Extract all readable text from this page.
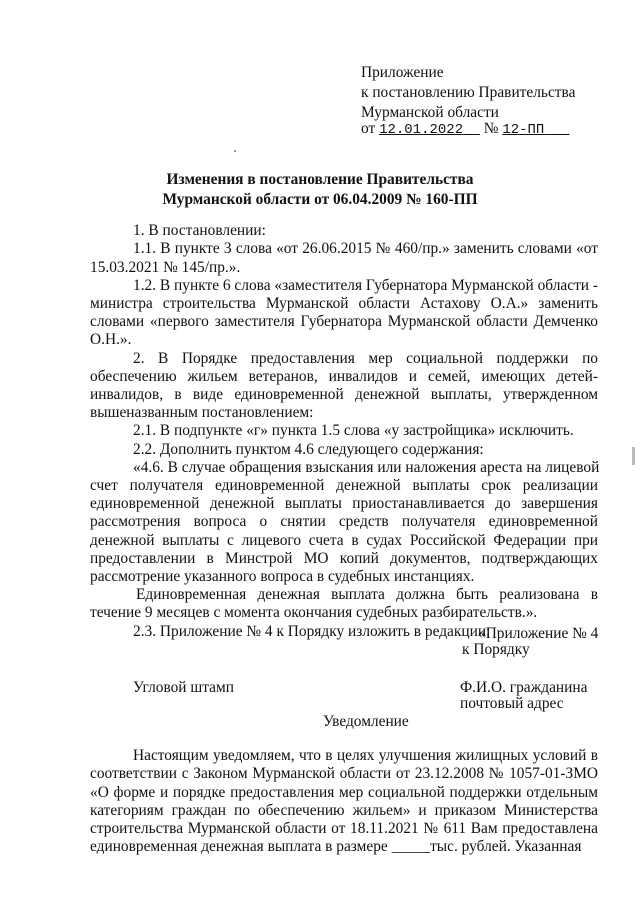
Приложение
к постановлению Правительства
Мурманской области
от 12.01.2022 № 12-ПП
Изменения в постановление Правительства
Мурманской области от 06.04.2009 № 160-ПП
1. В постановлении:
1.1. В пункте 3 слова «от 26.06.2015 № 460/пр.» заменить словами «от
15.03.2021 № 145/пр.».
1.2. В пункте 6 слова «заместителя Губернатора Мурманской области -
министра строительства Мурманской области Астахову О.А.» заменить
словами «первого заместителя Губернатора Мурманской области Демченко
О.Н.».
2. В Порядке предоставления мер социальной поддержки по
обеспечению жильем ветеранов, инвалидов и семей, имеющих детей-
инвалидов, в виде единовременной денежной выплаты, утвержденном
вышеназванным постановлением:
2.1. В подпункте «г» пункта 1.5 слова «у застройщика» исключить.
2.2. Дополнить пунктом 4.6 следующего содержания:
«4.6. В случае обращения взыскания или наложения ареста на лицевой
счет получателя единовременной денежной выплаты срок реализации
единовременной денежной выплаты приостанавливается до завершения
рассмотрения вопроса о снятии средств получателя единовременной
денежной выплаты с лицевого счета в судах Российской Федерации при
предоставлении в Минстрой МО копий документов, подтверждающих
рассмотрение указанного вопроса в судебных инстанциях.
Единовременная денежная выплата должна быть реализована в
течение 9 месяцев с момента окончания судебных разбирательств.».
2.3. Приложение № 4 к Порядку изложить в редакции:
«Приложение № 4
к Порядку
Угловой штамп	Ф.И.О. гражданина
почтовый адрес
Уведомление
Настоящим уведомляем, что в целях улучшения жилищных условий в
соответствии с Законом Мурманской области от 23.12.2008 № 1057-01-ЗМО
«О форме и порядке предоставления мер социальной поддержки отдельным
категориям граждан по обеспечению жильем» и приказом Министерства
строительства Мурманской области от 18.11.2021 № 611 Вам предоставлена
единовременная денежная выплата в размере _____тыс. рублей. Указанная
